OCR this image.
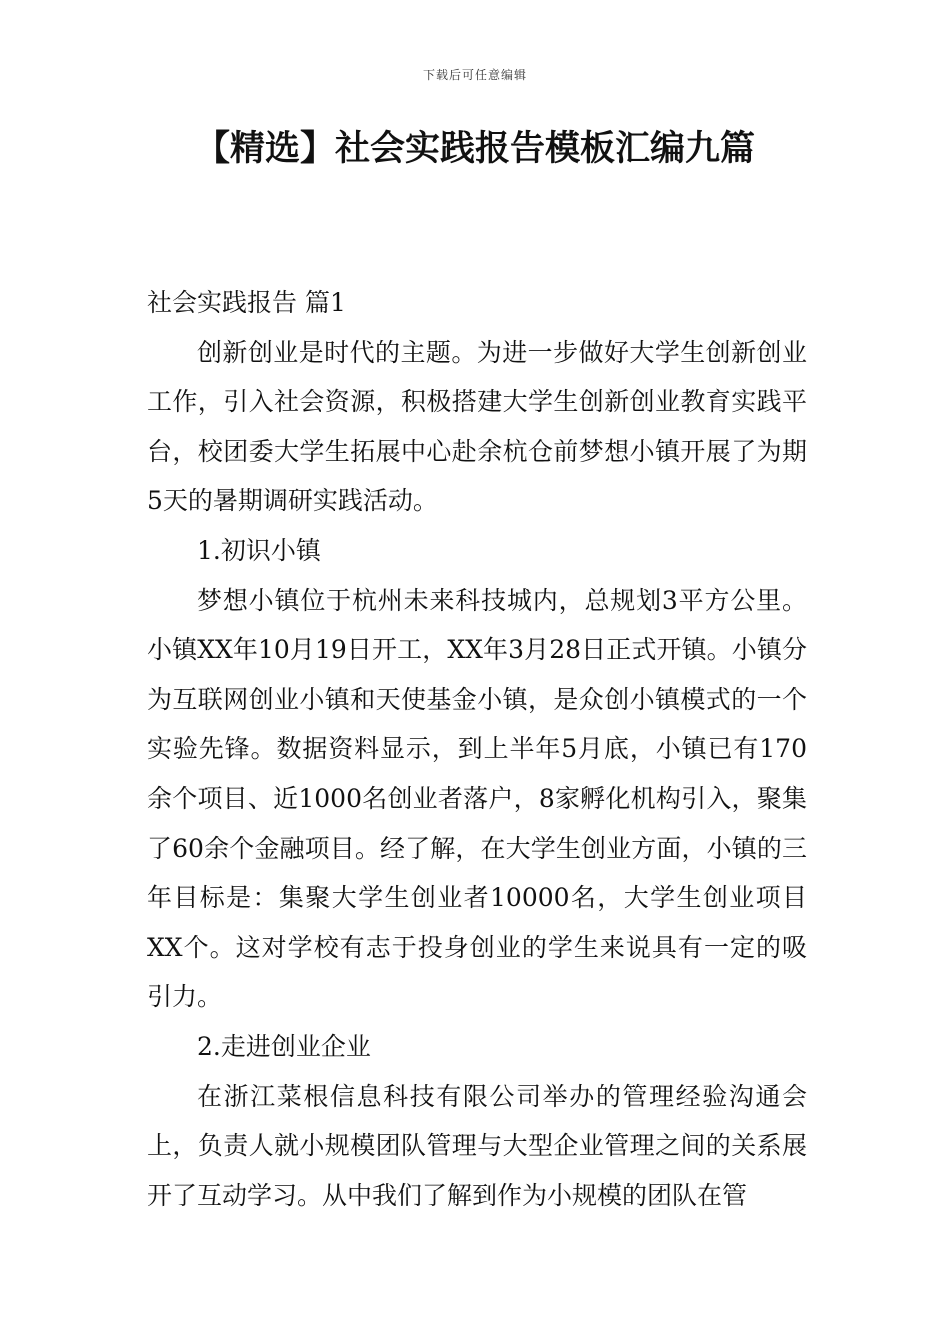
下载后可任意编辑
【精选】社会实践报告模板汇编九篇

社会实践报告 篇1

创新创业是时代的主题。为进一步做好大学生创新创业工作，引入社会资源，积极搭建大学生创新创业教育实践平台，校团委大学生拓展中心赴余杭仓前梦想小镇开展了为期5天的暑期调研实践活动。

1.初识小镇

梦想小镇位于杭州未来科技城内，总规划3平方公里。小镇XX年10月19日开工，XX年3月28日正式开镇。小镇分为互联网创业小镇和天使基金小镇，是众创小镇模式的一个实验先锋。数据资料显示，到上半年5月底，小镇已有170余个项目、近1000名创业者落户，8家孵化机构引入，聚集了60余个金融项目。经了解，在大学生创业方面，小镇的三年目标是：集聚大学生创业者10000名，大学生创业项目XX个。这对学校有志于投身创业的学生来说具有一定的吸引力。

2.走进创业企业

在浙江菜根信息科技有限公司举办的管理经验沟通会上，负责人就小规模团队管理与大型企业管理之间的关系展开了互动学习。从中我们了解到作为小规模的团队在管
